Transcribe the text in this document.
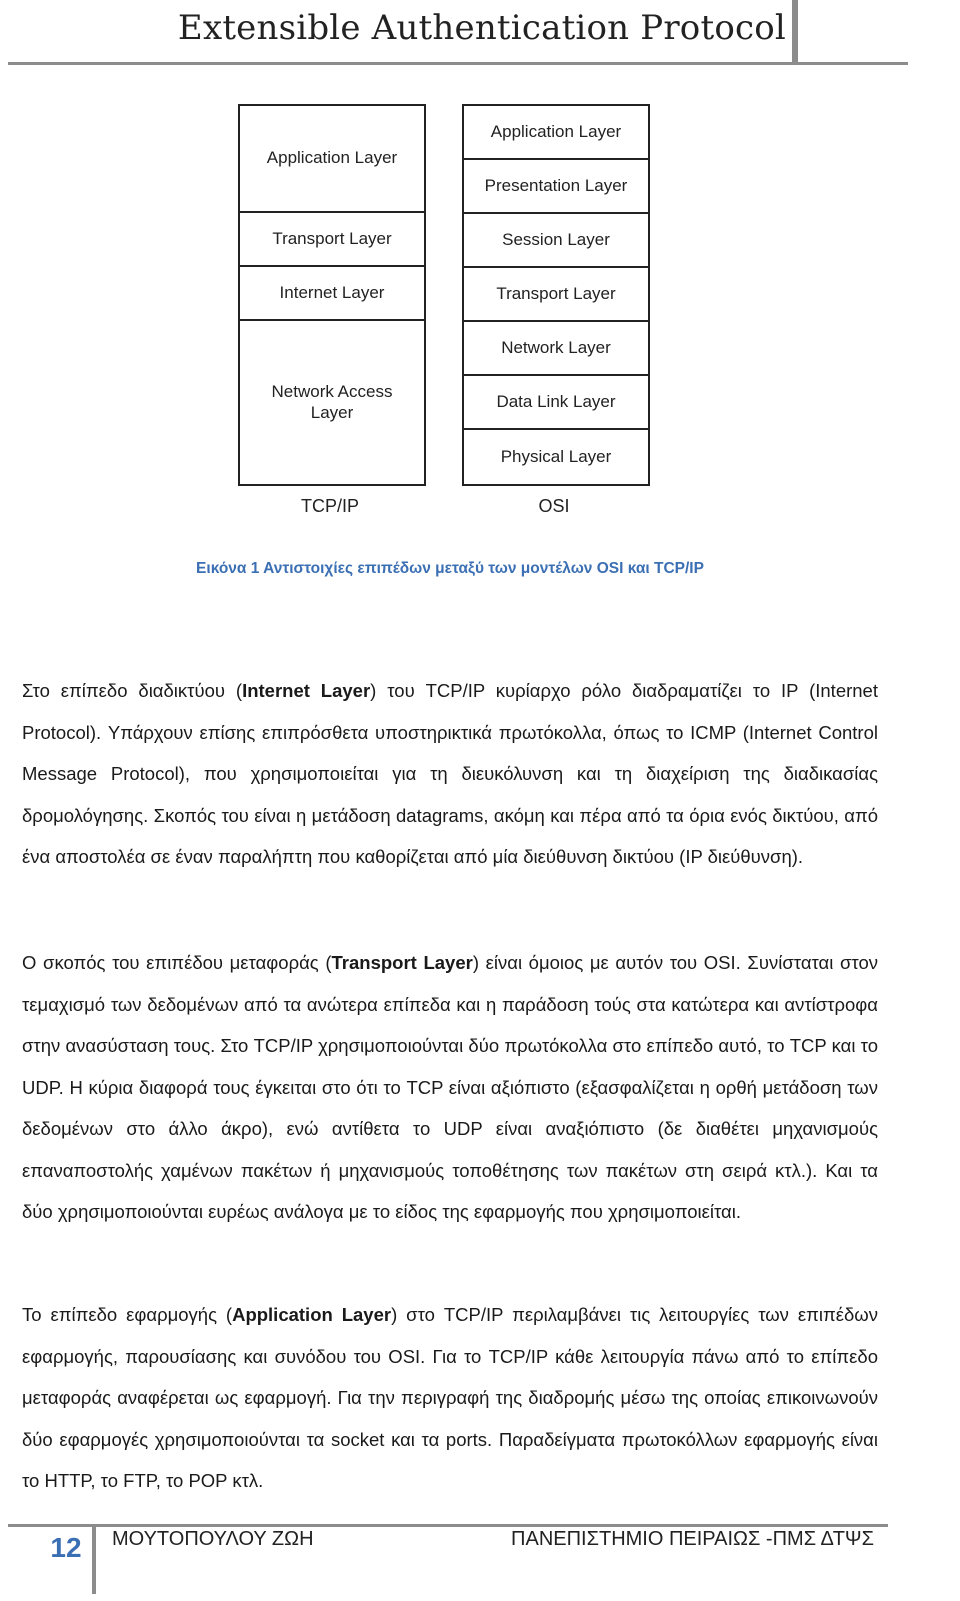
Extensible Authentication Protocol
Application Layer
Transport Layer
Internet Layer
Network Access Layer
Application Layer
Presentation Layer
Session Layer
Transport Layer
Network Layer
Data Link Layer
Physical Layer
TCP/IP	OSI
Εικόνα 1 Αντιστοιχίες επιπέδων μεταξύ των μοντέλων OSI και TCP/IP

Στο επίπεδο διαδικτύου (Internet Layer) του TCP/IP κυρίαρχο ρόλο διαδραματίζει το IP (Internet Protocol). Υπάρχουν επίσης επιπρόσθετα υποστηρικτικά πρωτόκολλα, όπως το ICMP (Internet Control Message Protocol), που χρησιμοποιείται για τη διευκόλυνση και τη διαχείριση της διαδικασίας δρομολόγησης. Σκοπός του είναι η μετάδοση datagrams, ακόμη και πέρα από τα όρια ενός δικτύου, από ένα αποστολέα σε έναν παραλήπτη που καθορίζεται από μία διεύθυνση δικτύου (IP διεύθυνση).

Ο σκοπός του επιπέδου μεταφοράς (Transport Layer) είναι όμοιος με αυτόν του OSI. Συνίσταται στον τεμαχισμό των δεδομένων από τα ανώτερα επίπεδα και η παράδοση τούς στα κατώτερα και αντίστροφα στην ανασύσταση τους. Στο TCP/IP χρησιμοποιούνται δύο πρωτόκολλα στο επίπεδο αυτό, το TCP και το UDP. Η κύρια διαφορά τους έγκειται στο ότι το TCP είναι αξιόπιστο (εξασφαλίζεται η ορθή μετάδοση των δεδομένων στο άλλο άκρο), ενώ αντίθετα το UDP είναι αναξιόπιστο (δε διαθέτει μηχανισμούς επαναποστολής χαμένων πακέτων ή μηχανισμούς τοποθέτησης των πακέτων στη σειρά κτλ.). Και τα δύο χρησιμοποιούνται ευρέως ανάλογα με το είδος της εφαρμογής που χρησιμοποιείται.

Το επίπεδο εφαρμογής (Application Layer) στο TCP/IP περιλαμβάνει τις λειτουργίες των επιπέδων εφαρμογής, παρουσίασης και συνόδου του OSI. Για το TCP/IP κάθε λειτουργία πάνω από το επίπεδο μεταφοράς αναφέρεται ως εφαρμογή. Για την περιγραφή της διαδρομής μέσω της οποίας επικοινωνούν δύο εφαρμογές χρησιμοποιούνται τα socket και τα ports. Παραδείγματα πρωτοκόλλων εφαρμογής είναι το HTTP, το FTP, το POP κτλ.

12	ΜΟΥΤΟΠΟΥΛΟΥ ΖΩΗ	ΠΑΝΕΠΙΣΤΗΜΙΟ ΠΕΙΡΑΙΩΣ -ΠΜΣ ΔΤΨΣ
